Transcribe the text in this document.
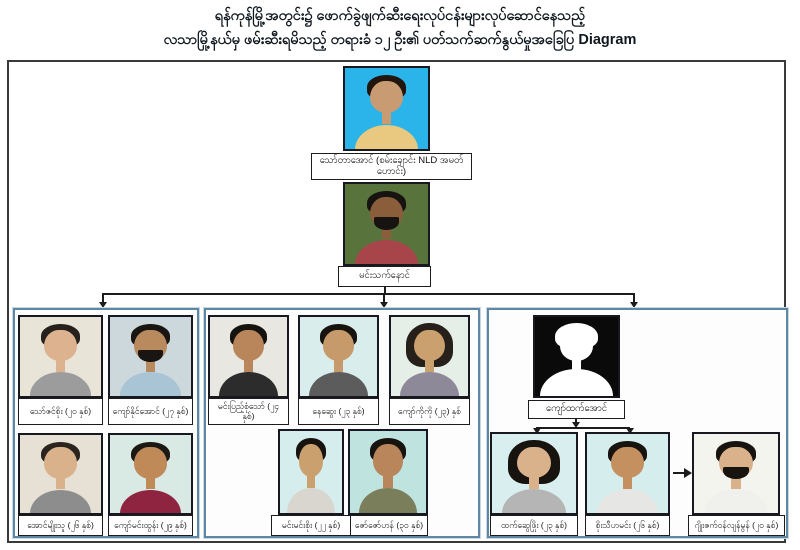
ရန်ကုန်မြို့အတွင်း၌ ဖောက်ခွဲဖျက်ဆီးရေးလုပ်ငန်းများလုပ်ဆောင်နေသည့်
လသာမြို့နယ်မှ ဖမ်းဆီးရမိသည့် တရားခံ ၁၂ ဦး၏ ပတ်သက်ဆက်နွယ်မှုအခြေပြ Diagram
သော်တာအောင် (စမ်းချောင်း NLD အမတ်ဟောင်း)
မင်းသက်နောင်
သော်ဇင်စိုး (၂၀ နှစ်)	ကျော်နိုင်အောင် (၂၇ နှစ်)
အောင်မျိုးသူ (၂၆ နှစ်)	ကျော်မင်းထွန်း (၂၉ နှစ်)
မင်းပြည့်စုံသော် (၂၄ နှစ်)	နေဆွေး (၂၃ နှစ်)	ကျော်ကိုကို (၂၃) နှစ်
မင်းမင်းစိုး (၂၂ နှစ်)	ဇော်ဇော်ဟန် (၃၀ နှစ်)
ကျော်ထက်အောင်
ထက်ဆွေဖြိုး (၂၃ နှစ်)	စိုးသီဟမင်း (၂၆ နှစ်)	ဂျိုးဇက်ဝန်လျန်မွန် (၂၀ နှစ်)
